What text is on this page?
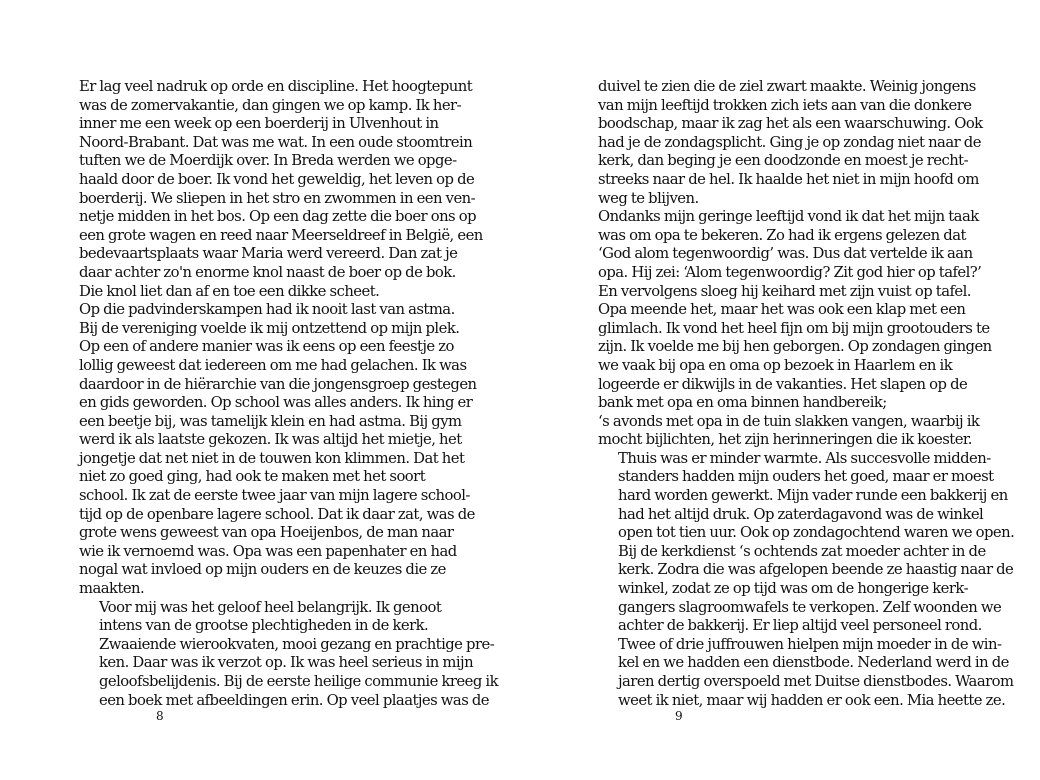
Er lag veel nadruk op orde en discipline. Het hoogtepunt
was de zomervakantie, dan gingen we op kamp. Ik her-
inner me een week op een boerderij in Ulvenhout in
Noord-Brabant. Dat was me wat. In een oude stoomtrein
tuften we de Moerdijk over. In Breda werden we opge-
haald door de boer. Ik vond het geweldig, het leven op de
boerderij. We sliepen in het stro en zwommen in een ven-
netje midden in het bos. Op een dag zette die boer ons op
een grote wagen en reed naar Meerseldreef in België, een
bedevaartsplaats waar Maria werd vereerd. Dan zat je
daar achter zo'n enorme knol naast de boer op de bok.
Die knol liet dan af en toe een dikke scheet.

Op die padvinderskampen had ik nooit last van astma.
Bij de vereniging voelde ik mij ontzettend op mijn plek.
Op een of andere manier was ik eens op een feestje zo
lollig geweest dat iedereen om me had gelachen. Ik was
daardoor in de hiërarchie van die jongensgroep gestegen
en gids geworden. Op school was alles anders. Ik hing er
een beetje bij, was tamelijk klein en had astma. Bij gym
werd ik als laatste gekozen. Ik was altijd het mietje, het
jongetje dat net niet in de touwen kon klimmen. Dat het
niet zo goed ging, had ook te maken met het soort
school. Ik zat de eerste twee jaar van mijn lagere school-
tijd op de openbare lagere school. Dat ik daar zat, was de
grote wens geweest van opa Hoeijenbos, de man naar
wie ik vernoemd was. Opa was een papenhater en had
nogal wat invloed op mijn ouders en de keuzes die ze
maakten.

Voor mij was het geloof heel belangrijk. Ik genoot
intens van de grootse plechtigheden in de kerk.
Zwaaiende wierookvaten, mooi gezang en prachtige pre-
ken. Daar was ik verzot op. Ik was heel serieus in mijn
geloofsbelijdenis. Bij de eerste heilige communie kreeg ik
een boek met afbeeldingen erin. Op veel plaatjes was de

duivel te zien die de ziel zwart maakte. Weinig jongens
van mijn leeftijd trokken zich iets aan van die donkere
boodschap, maar ik zag het als een waarschuwing. Ook
had je de zondagsplicht. Ging je op zondag niet naar de
kerk, dan beging je een doodzonde en moest je recht-
streeks naar de hel. Ik haalde het niet in mijn hoofd om
weg te blijven.

Ondanks mijn geringe leeftijd vond ik dat het mijn taak
was om opa te bekeren. Zo had ik ergens gelezen dat
‘God alom tegenwoordig’ was. Dus dat vertelde ik aan
opa. Hij zei: ‘Alom tegenwoordig? Zit god hier op tafel?’
En vervolgens sloeg hij keihard met zijn vuist op tafel.
Opa meende het, maar het was ook een klap met een
glimlach. Ik vond het heel fijn om bij mijn grootouders te
zijn. Ik voelde me bij hen geborgen. Op zondagen gingen
we vaak bij opa en oma op bezoek in Haarlem en ik
logeerde er dikwijls in de vakanties. Het slapen op de
bank met opa en oma binnen handbereik;
‘s avonds met opa in de tuin slakken vangen, waarbij ik
mocht bijlichten, het zijn herinneringen die ik koester.

Thuis was er minder warmte. Als succesvolle midden-
standers hadden mijn ouders het goed, maar er moest
hard worden gewerkt. Mijn vader runde een bakkerij en
had het altijd druk. Op zaterdagavond was de winkel
open tot tien uur. Ook op zondagochtend waren we open.
Bij de kerkdienst ‘s ochtends zat moeder achter in de
kerk. Zodra die was afgelopen beende ze haastig naar de
winkel, zodat ze op tijd was om de hongerige kerk-
gangers slagroomwafels te verkopen. Zelf woonden we
achter de bakkerij. Er liep altijd veel personeel rond.
Twee of drie juffrouwen hielpen mijn moeder in de win-
kel en we hadden een dienstbode. Nederland werd in de
jaren dertig overspoeld met Duitse dienstbodes. Waarom
weet ik niet, maar wij hadden er ook een. Mia heette ze.

8	9
